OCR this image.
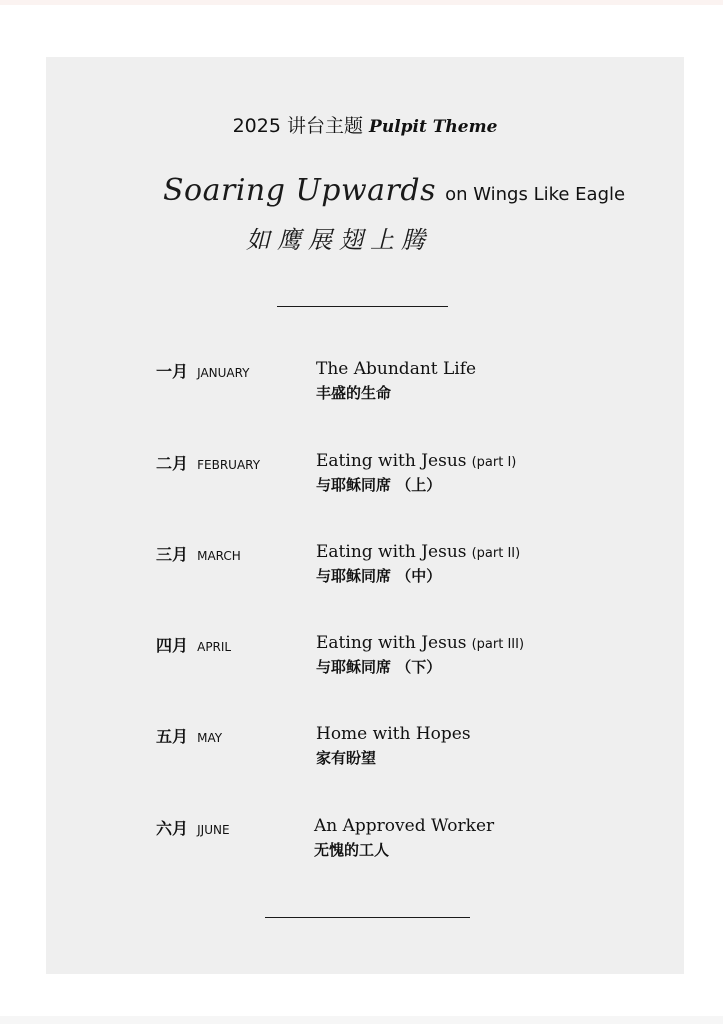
2025 讲台主题 Pulpit Theme
Soaring Upwards on Wings Like Eagle
如鹰展翅上腾
一月 JANUARY	The Abundant Life
丰盛的生命
二月 FEBRUARY	Eating with Jesus (part I)
与耶稣同席 （上）
三月 MARCH	Eating with Jesus (part II)
与耶稣同席 （中）
四月 APRIL	Eating with Jesus (part III)
与耶稣同席 （下）
五月 MAY	Home with Hopes
家有盼望
六月 JJUNE	An Approved Worker
无愧的工人
